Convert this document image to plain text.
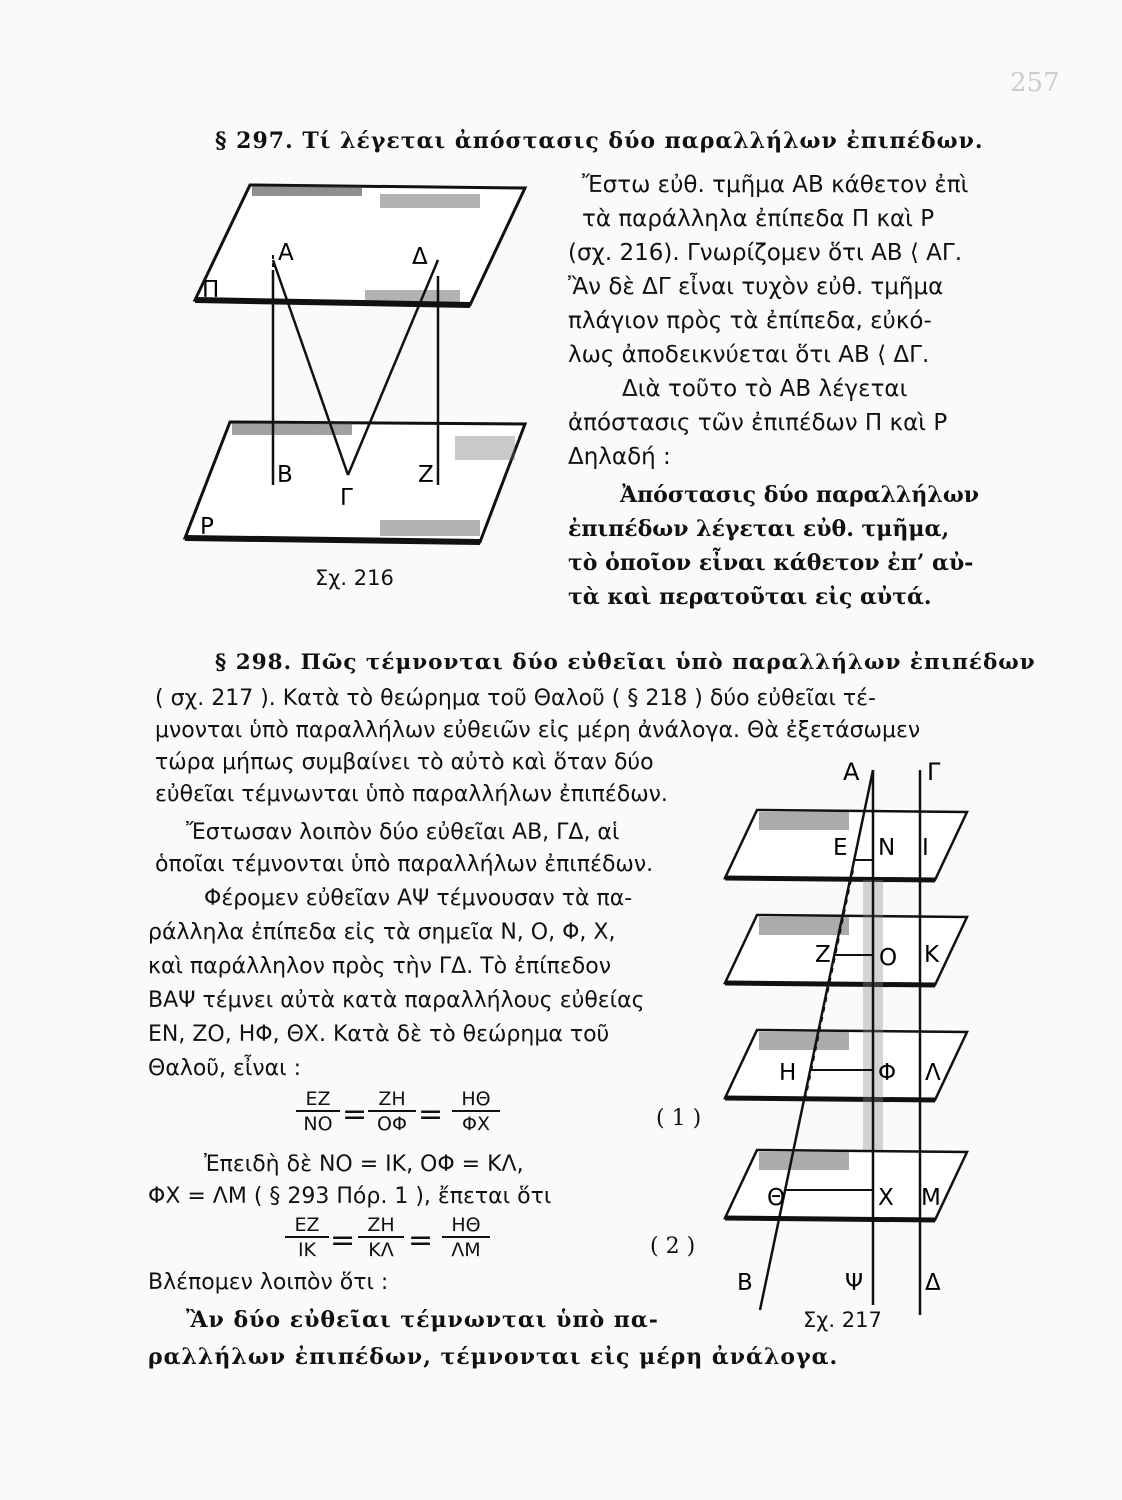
257
§ 297. Τί λέγεται ἀπόστασις δύο παραλλήλων ἐπιπέδων.
Ἔστω εὐθ. τμῆμα ΑΒ κάθετον ἐπὶ
τὰ παράλληλα ἐπίπεδα Π καὶ Ρ
(σχ. 216). Γνωρίζομεν ὅτι ΑΒ ⟨ ΑΓ.
Ἂν δὲ ΔΓ εἶναι τυχὸν εὐθ. τμῆμα
πλάγιον πρὸς τὰ ἐπίπεδα, εὐκό-
λως ἀποδεικνύεται ὅτι ΑΒ ⟨ ΔΓ.
Διὰ τοῦτο τὸ ΑΒ λέγεται
ἀπόστασις τῶν ἐπιπέδων Π καὶ Ρ
Δηλαδή :
Ἀπόστασις δύο παραλλήλων
ἐπιπέδων λέγεται εὐθ. τμῆμα,
τὸ ὁποῖον εἶναι κάθετον ἐπ’ αὐ-
τὰ καὶ περατοῦται εἰς αὐτά.
Α	Δ
Π
Β	Ζ
Γ
Ρ
Σχ. 216
§ 298. Πῶς τέμνονται δύο εὐθεῖαι ὑπὸ παραλλήλων ἐπιπέδων
( σχ. 217 ). Κατὰ τὸ θεώρημα τοῦ Θαλοῦ ( § 218 ) δύο εὐθεῖαι τέ-
μνονται ὑπὸ παραλλήλων εὐθειῶν εἰς μέρη ἀνάλογα. Θὰ ἐξετάσωμεν
τώρα μήπως συμβαίνει τὸ αὐτὸ καὶ ὅταν δύο
εὐθεῖαι τέμνωνται ὑπὸ παραλλήλων ἐπιπέδων.
Ἔστωσαν λοιπὸν δύο εὐθεῖαι ΑΒ, ΓΔ, αἱ
ὁποῖαι τέμνονται ὑπὸ παραλλήλων ἐπιπέδων.
Φέρομεν εὐθεῖαν ΑΨ τέμνουσαν τὰ πα-
ράλληλα ἐπίπεδα εἰς τὰ σημεῖα Ν, Ο, Φ, Χ,
καὶ παράλληλον πρὸς τὴν ΓΔ. Τὸ ἐπίπεδον
ΒΑΨ τέμνει αὐτὰ κατὰ παραλλήλους εὐθείας
ΕΝ, ΖΟ, ΗΦ, ΘΧ. Κατὰ δὲ τὸ θεώρημα τοῦ
Θαλοῦ, εἶναι :
$\frac{EZ}{NO} = \frac{ZH}{O\Phi} = \frac{H\Theta}{\Phi X}$	( 1 )
Ἐπειδὴ δὲ ΝΟ = ΙΚ, ΟΦ = ΚΛ,
ΦΧ = ΛΜ ( § 293 Πόρ. 1 ), ἔπεται ὅτι
$\frac{EZ}{IK} = \frac{ZH}{K\Lambda} = \frac{H\Theta}{\Lambda M}$	( 2 )
Βλέπομεν λοιπὸν ὅτι :
Ἂν δύο εὐθεῖαι τέμνωνται ὑπὸ πα-
ραλλήλων ἐπιπέδων, τέμνονται εἰς μέρη ἀνάλογα.
Α	Γ
Ε Ν Ι
Ζ Ο Κ
Η	Φ Λ
Θ	Χ Μ
Β	Ψ	Δ
Σχ. 217
